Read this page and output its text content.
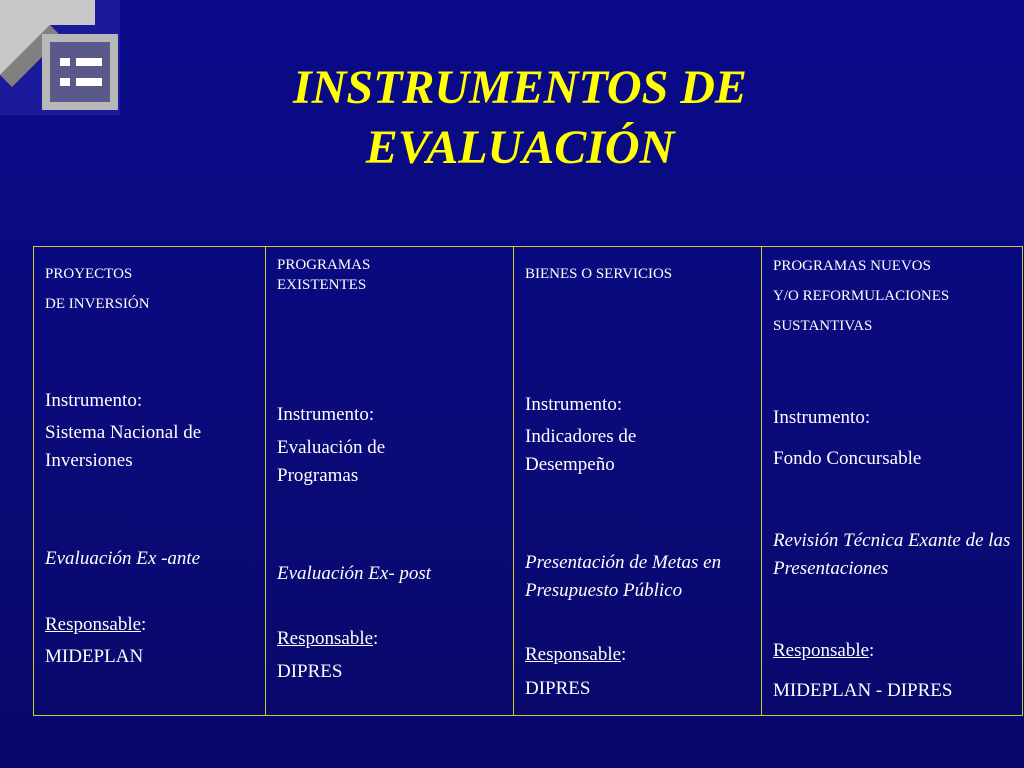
INSTRUMENTOS DE
EVALUACIÓN

PROYECTOS
DE INVERSIÓN

Instrumento:

Sistema Nacional de Inversiones

Evaluación Ex -ante

Responsable:

MIDEPLAN

PROGRAMAS
EXISTENTES

Instrumento:

Evaluación de Programas

Evaluación Ex- post

Responsable:

DIPRES

BIENES O SERVICIOS

Instrumento:

Indicadores de Desempeño

Presentación de Metas en Presupuesto Público

Responsable:

DIPRES

PROGRAMAS NUEVOS
Y/O REFORMULACIONES
SUSTANTIVAS

Instrumento:

Fondo Concursable

Revisión Técnica Exante de las Presentaciones

Responsable:

MIDEPLAN - DIPRES
